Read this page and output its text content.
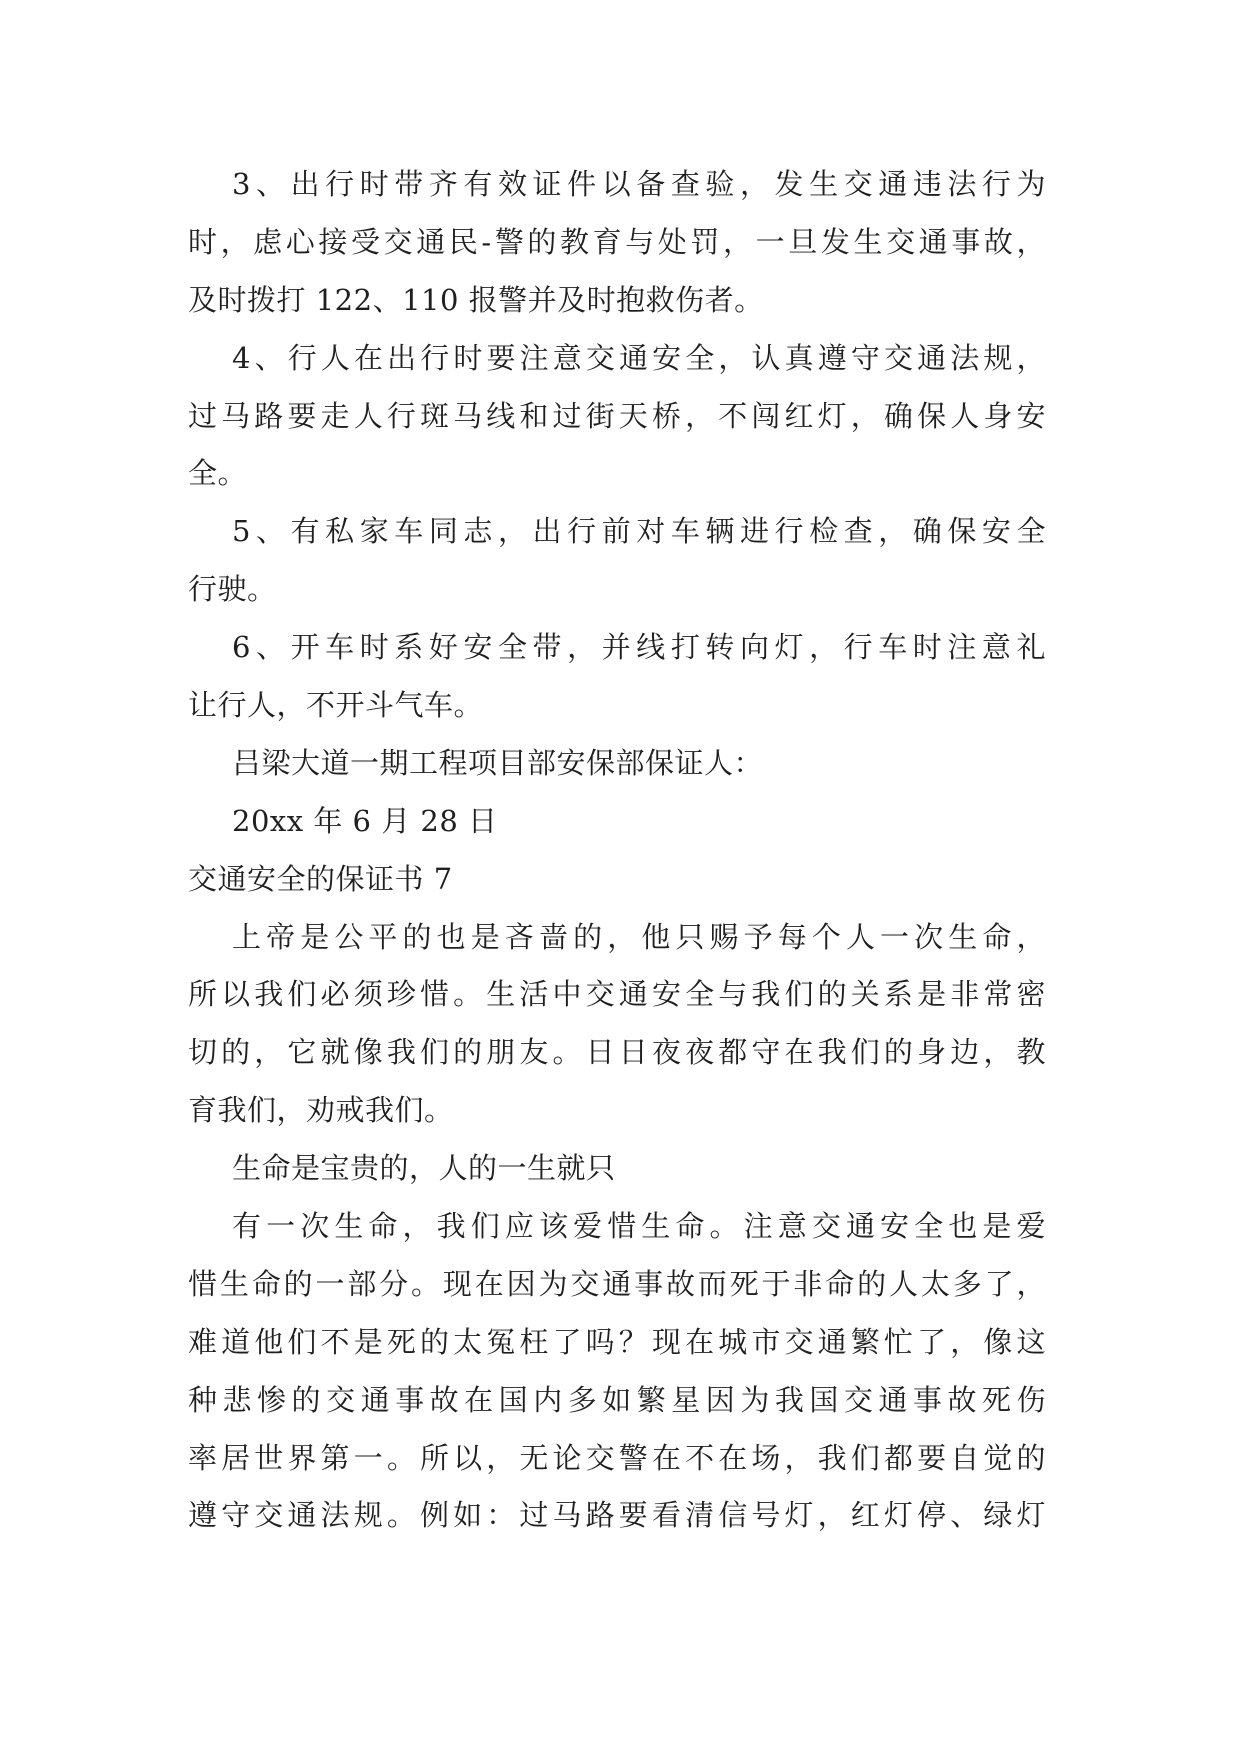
3、出行时带齐有效证件以备查验，发生交通违法行为
时，虑心接受交通民-警的教育与处罚，一旦发生交通事故，
及时拨打 122、110 报警并及时抱救伤者。
4、行人在出行时要注意交通安全，认真遵守交通法规，
过马路要走人行斑马线和过街天桥，不闯红灯，确保人身安
全。
5、有私家车同志，出行前对车辆进行检查，确保安全
行驶。
6、开车时系好安全带，并线打转向灯，行车时注意礼
让行人，不开斗气车。
吕梁大道一期工程项目部安保部保证人：
20xx 年 6 月 28 日
交通安全的保证书 7
上帝是公平的也是吝啬的，他只赐予每个人一次生命，
所以我们必须珍惜。生活中交通安全与我们的关系是非常密
切的，它就像我们的朋友。日日夜夜都守在我们的身边，教
育我们，劝戒我们。
生命是宝贵的，人的一生就只
有一次生命，我们应该爱惜生命。注意交通安全也是爱
惜生命的一部分。现在因为交通事故而死于非命的人太多了，
难道他们不是死的太冤枉了吗？现在城市交通繁忙了，像这
种悲惨的交通事故在国内多如繁星因为我国交通事故死伤
率居世界第一。所以，无论交警在不在场，我们都要自觉的
遵守交通法规。例如：过马路要看清信号灯，红灯停、绿灯
